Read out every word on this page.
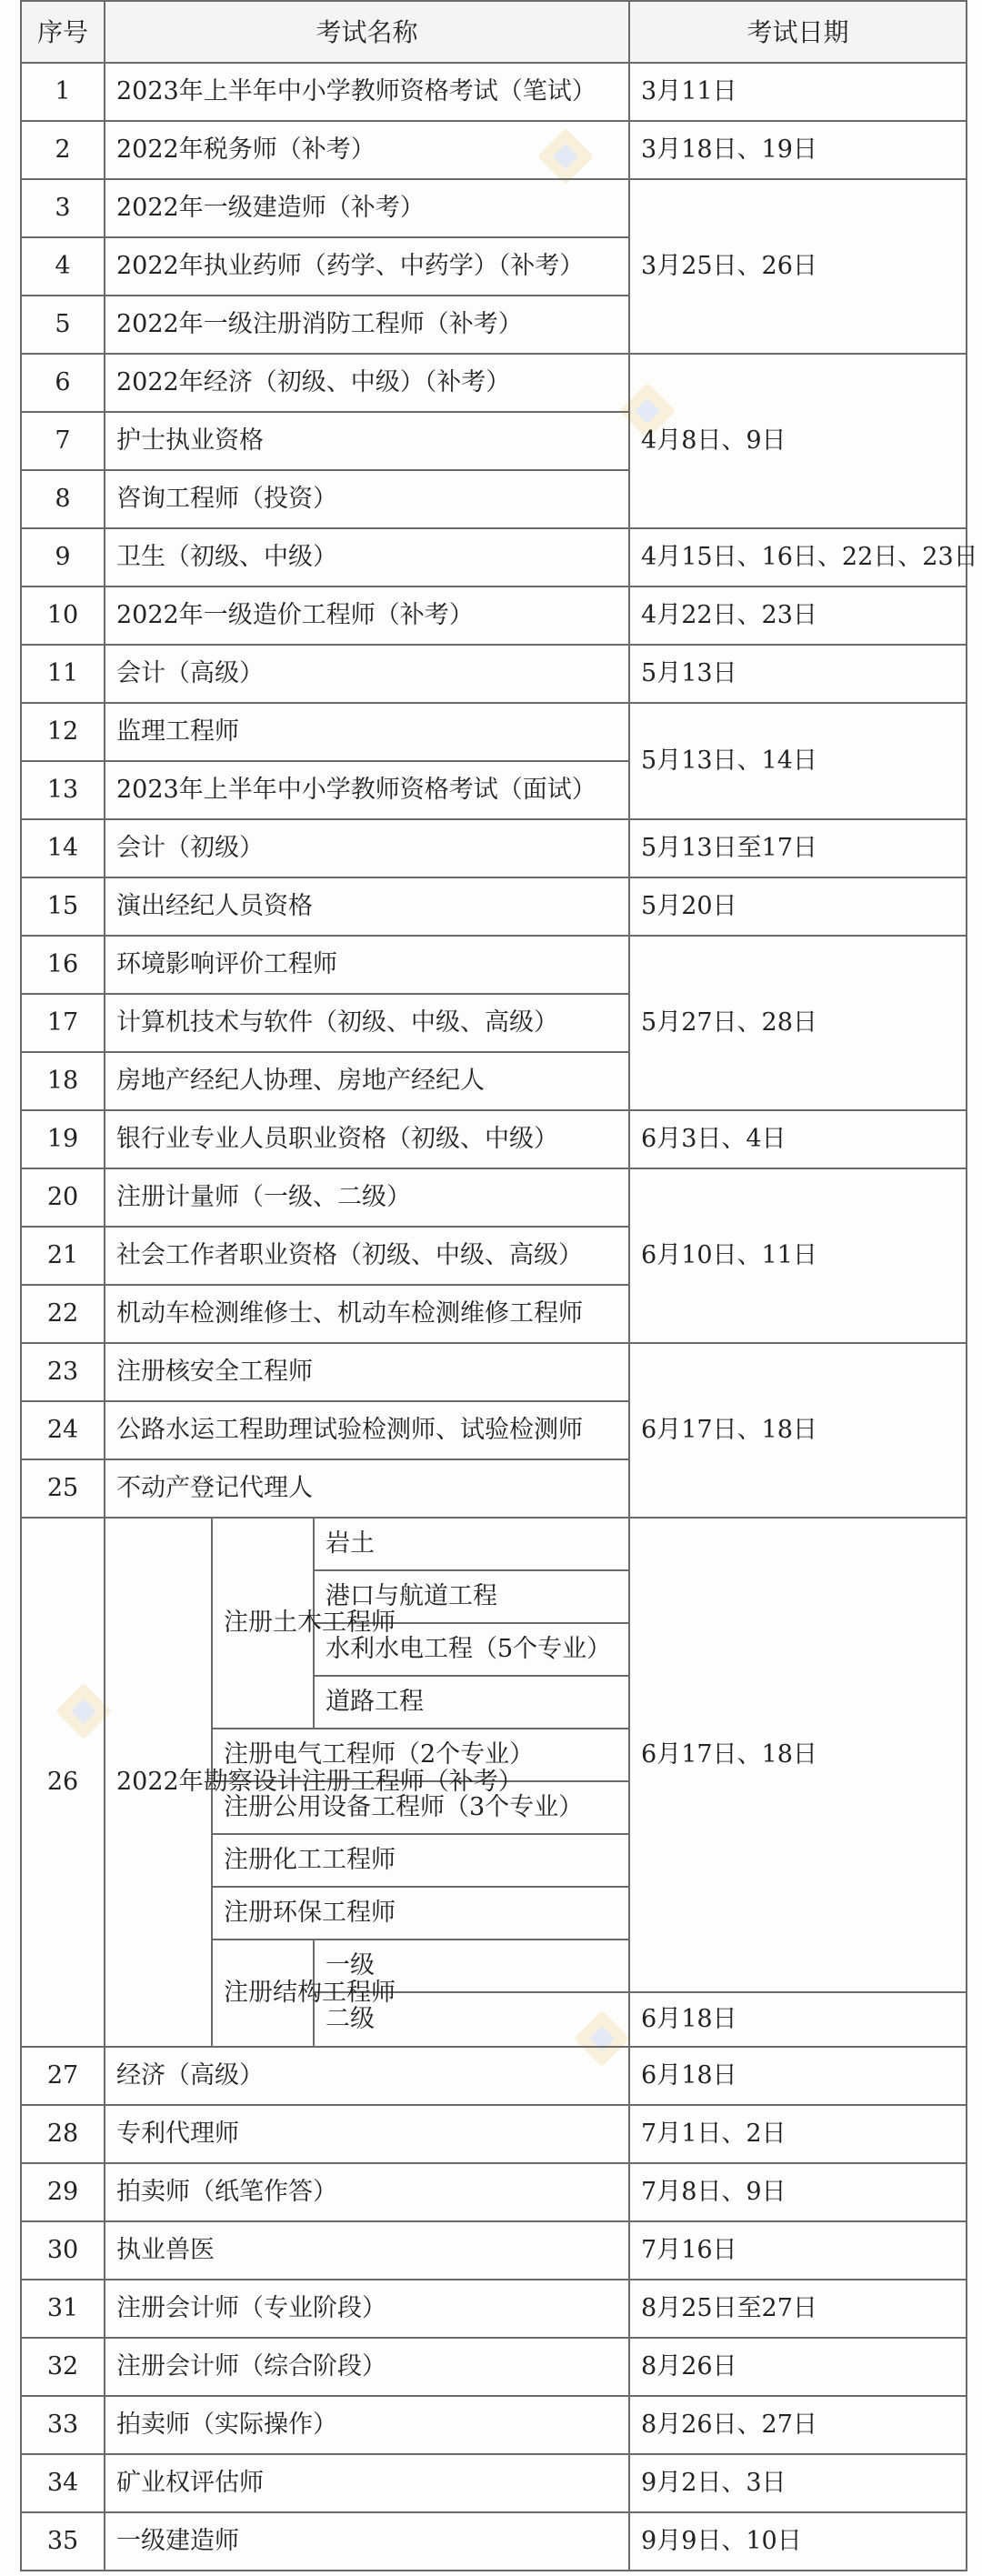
序号	考试名称			考试日期
1	2023年上半年中小学教师资格考试（笔试）			3月11日
2	2022年税务师（补考）			3月18日、19日
3	2022年一级建造师（补考）			3月25日、26日
4	2022年执业药师（药学、中药学）（补考）			
5	2022年一级注册消防工程师（补考）			
6	2022年经济（初级、中级）（补考）			4月8日、9日
7	护士执业资格			
8	咨询工程师（投资）			
9	卫生（初级、中级）			4月15日、16日、22日、23日
10	2022年一级造价工程师（补考）			4月22日、23日
11	会计（高级）			5月13日
12	监理工程师			5月13日、14日
13	2023年上半年中小学教师资格考试（面试）			
14	会计（初级）			5月13日至17日
15	演出经纪人员资格			5月20日
16	环境影响评价工程师			5月27日、28日
17	计算机技术与软件（初级、中级、高级）			
18	房地产经纪人协理、房地产经纪人			
19	银行业专业人员职业资格（初级、中级）			6月3日、4日
20	注册计量师（一级、二级）			6月10日、11日
21	社会工作者职业资格（初级、中级、高级）			
22	机动车检测维修士、机动车检测维修工程师			
23	注册核安全工程师			6月17日、18日
24	公路水运工程助理试验检测师、试验检测师			
25	不动产登记代理人			
26	2022年勘察设计注册工程师（补考）	注册土木工程师	岩土	6月17日、18日
			港口与航道工程	
			水利水电工程（5个专业）	
			道路工程	
		注册电气工程师（2个专业）		
		注册公用设备工程师（3个专业）		
		注册化工工程师		
		注册环保工程师		
		注册结构工程师	一级	
			二级	6月18日
27	经济（高级）			6月18日
28	专利代理师			7月1日、2日
29	拍卖师（纸笔作答）			7月8日、9日
30	执业兽医			7月16日
31	注册会计师（专业阶段）			8月25日至27日
32	注册会计师（综合阶段）			8月26日
33	拍卖师（实际操作）			8月26日、27日
34	矿业权评估师			9月2日、3日
35	一级建造师			9月9日、10日
